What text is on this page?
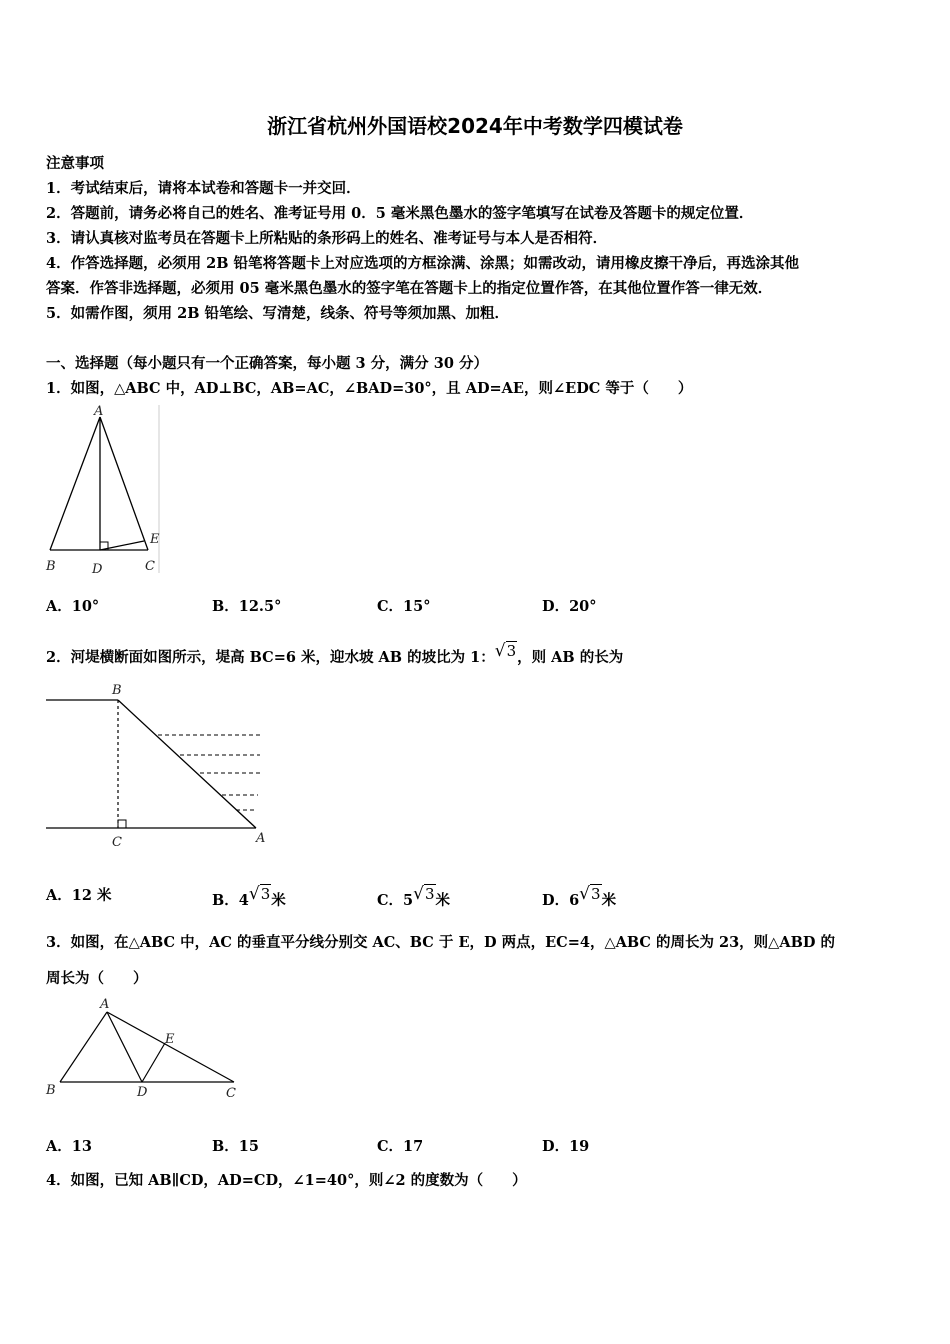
浙江省杭州外国语校2024年中考数学四模试卷
注意事项
1．考试结束后，请将本试卷和答题卡一并交回．
2．答题前，请务必将自己的姓名、准考证号用 0．5 毫米黑色墨水的签字笔填写在试卷及答题卡的规定位置．
3．请认真核对监考员在答题卡上所粘贴的条形码上的姓名、准考证号与本人是否相符．
4．作答选择题，必须用 2B 铅笔将答题卡上对应选项的方框涂满、涂黑；如需改动，请用橡皮擦干净后，再选涂其他
答案．作答非选择题，必须用 05 毫米黑色墨水的签字笔在答题卡上的指定位置作答，在其他位置作答一律无效．
5．如需作图，须用 2B 铅笔绘、写清楚，线条、符号等须加黑、加粗．
一、选择题（每小题只有一个正确答案，每小题 3 分，满分 30 分）
1．如图，△ABC 中，AD⊥BC，AB=AC，∠BAD=30°，且 AD=AE，则∠EDC 等于（　　）
A
B	D	C
E
A．10°	B．12.5°	C．15°	D．20°
2．河堤横断面如图所示，堤高 BC=6 米，迎水坡 AB 的坡比为 1：√3，则 AB 的长为
B
C	A
A．12 米	B．4√3米	C．5√3米	D．6√3米
3．如图，在△ABC 中，AC 的垂直平分线分别交 AC、BC 于 E，D 两点，EC=4，△ABC 的周长为 23，则△ABD 的
周长为（　　）
A
B	D	C
E
A．13	B．15	C．17	D．19
4．如图，已知 AB∥CD，AD=CD，∠1=40°，则∠2 的度数为（　　）
